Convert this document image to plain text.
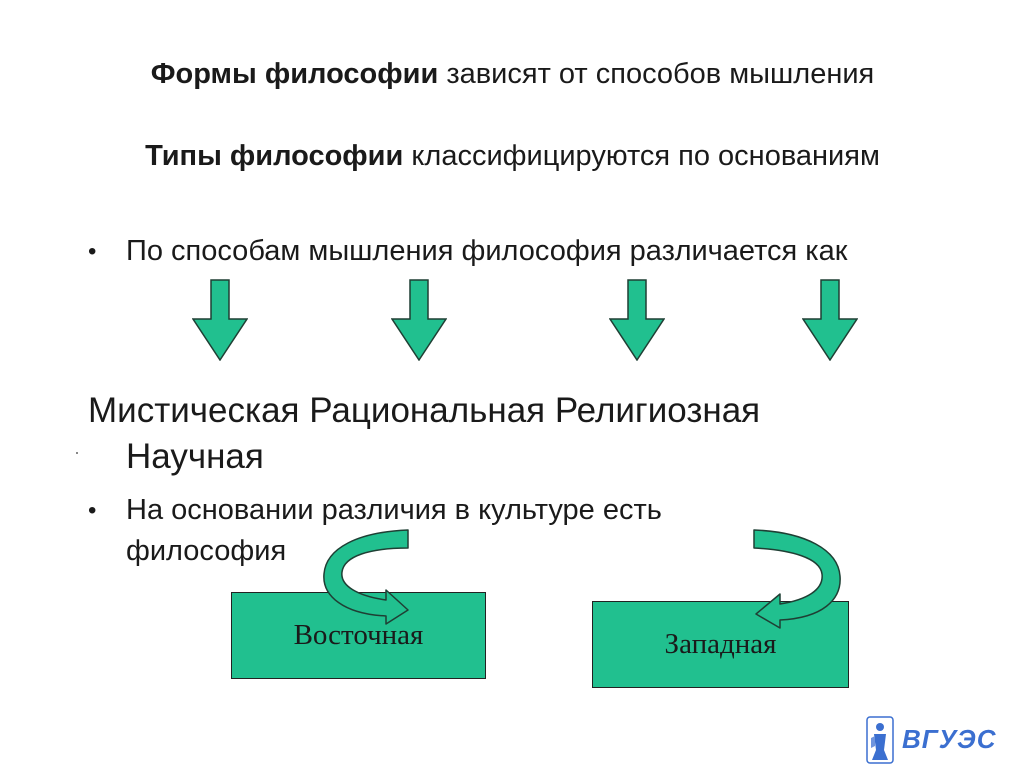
Формы философии зависят от способов мышления
Типы философии классифицируются по основаниям
• По способам мышления философия различается как
Мистическая Рациональная Религиозная
Научная
• На основании различия в культуре есть философия
Восточная	Западная
ВГУЭС
